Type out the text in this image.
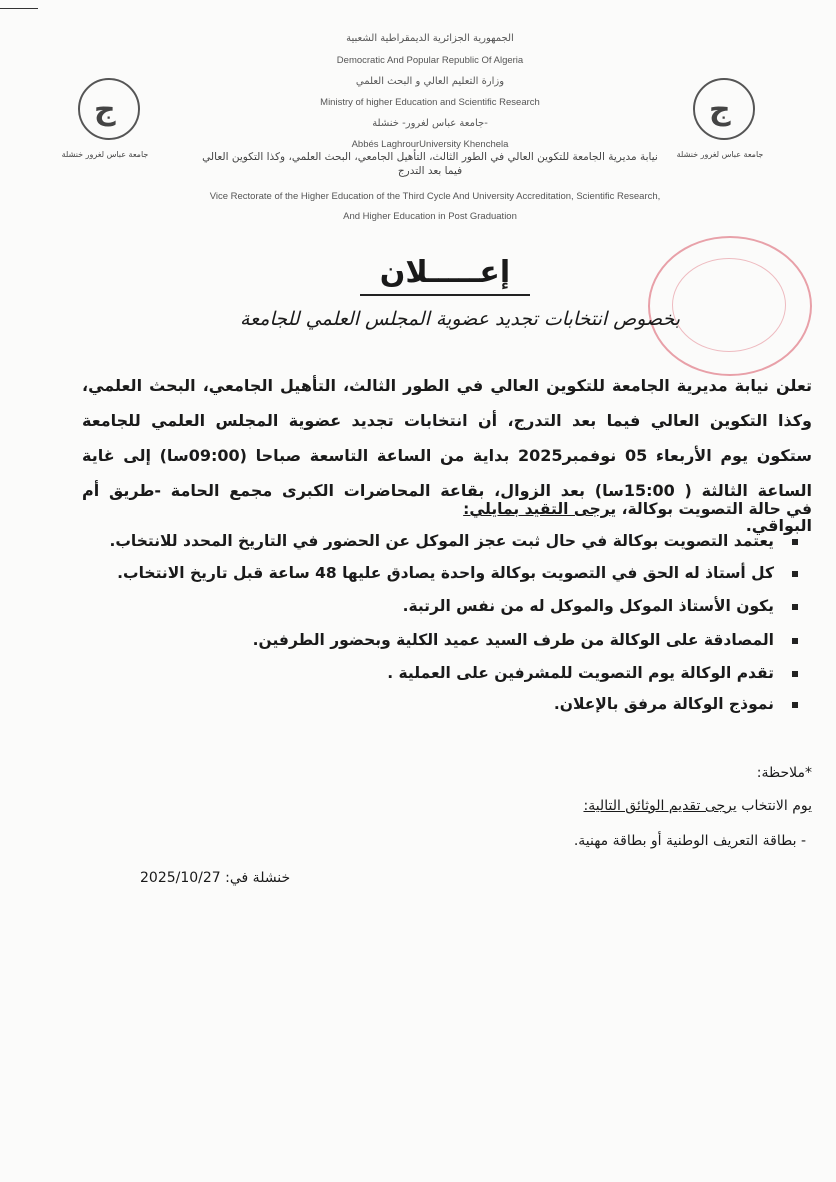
الجمهورية الجزائرية الديمقراطية الشعبية
Democratic And Popular Republic Of Algeria
وزارة التعليم العالي و البحث العلمي
Ministry of higher Education and Scientific Research
جامعة عباس لغرور- خنشلة-
Abbés LaghrourUniversity Khenchela
نيابة مديرية الجامعة للتكوين العالي في الطور الثالث، التأهيل الجامعي، البحث العلمي، وكذا التكوين العالي فيما بعد التدرج
Vice Rectorate of the Higher Education of the Third Cycle And University Accreditation, Scientific Research,
And Higher Education in Post Graduation
ج
جامعة عباس لغرور خنشلة
ج
جامعة عباس لغرور خنشلة
إعـــــلان
بخصوص انتخابات تجديد عضوية المجلس العلمي للجامعة
تعلن نيابة مديرية الجامعة للتكوين العالي في الطور الثالث، التأهيل الجامعي، البحث العلمي، وكذا التكوين العالي فيما بعد التدرج، أن انتخابات تجديد عضوية المجلس العلمي للجامعة ستكون يوم الأربعاء 05 نوفمبر2025 بداية من الساعة التاسعة صباحا (09:00سا) إلى غاية الساعة الثالثة ( 15:00سا) بعد الزوال، بقاعة المحاضرات الكبرى مجمع الحامة -طريق أم البواقي.
في حالة التصويت بوكالة، يرجى التقيد بمايلي:
يعتمد التصويت بوكالة في حال ثبت عجز الموكل عن الحضور في التاريخ المحدد للانتخاب.
كل أستاذ له الحق في التصويت بوكالة واحدة يصادق عليها 48 ساعة قبل تاريخ الانتخاب.
يكون الأستاذ الموكل والموكل له من نفس الرتبة.
المصادقة على الوكالة من طرف السيد عميد الكلية وبحضور الطرفين.
تقدم الوكالة يوم التصويت للمشرفين على العملية .
نموذج الوكالة مرفق بالإعلان.
*ملاحظة:
يوم الانتخاب يرجى تقديم الوثائق التالية:
- بطاقة التعريف الوطنية أو بطاقة مهنية.
خنشلة في: 2025/10/27
